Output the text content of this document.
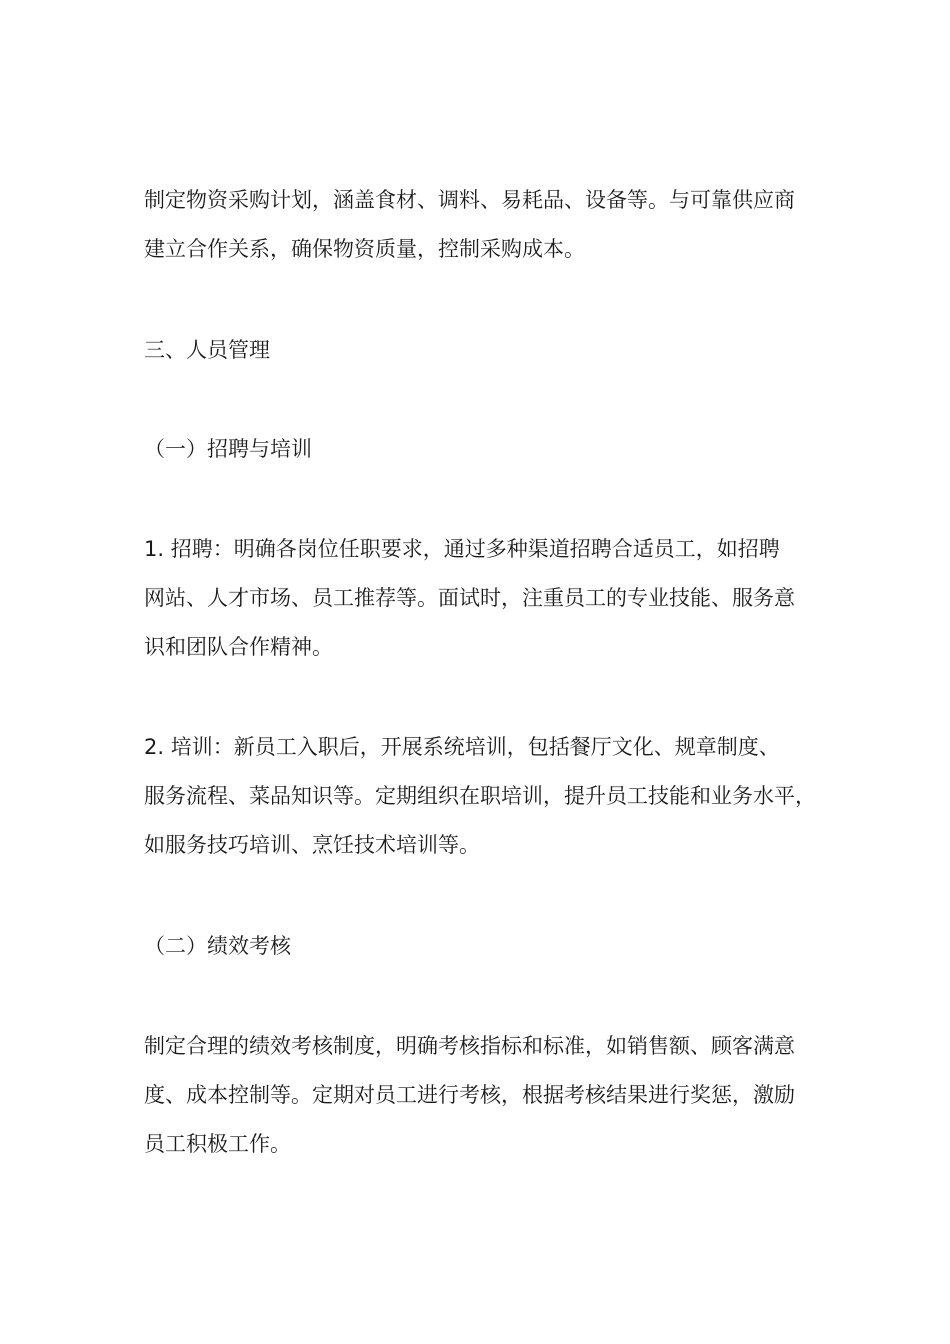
制定物资采购计划，涵盖食材、调料、易耗品、设备等。与可靠供应商
建立合作关系，确保物资质量，控制采购成本。

三、人员管理
（一）招聘与培训

1. 招聘：明确各岗位任职要求，通过多种渠道招聘合适员工，如招聘
网站、人才市场、员工推荐等。面试时，注重员工的专业技能、服务意
识和团队合作精神。

2. 培训：新员工入职后，开展系统培训，包括餐厅文化、规章制度、
服务流程、菜品知识等。定期组织在职培训，提升员工技能和业务水平，
如服务技巧培训、烹饪技术培训等。

（二）绩效考核

制定合理的绩效考核制度，明确考核指标和标准，如销售额、顾客满意
度、成本控制等。定期对员工进行考核，根据考核结果进行奖惩，激励
员工积极工作。
